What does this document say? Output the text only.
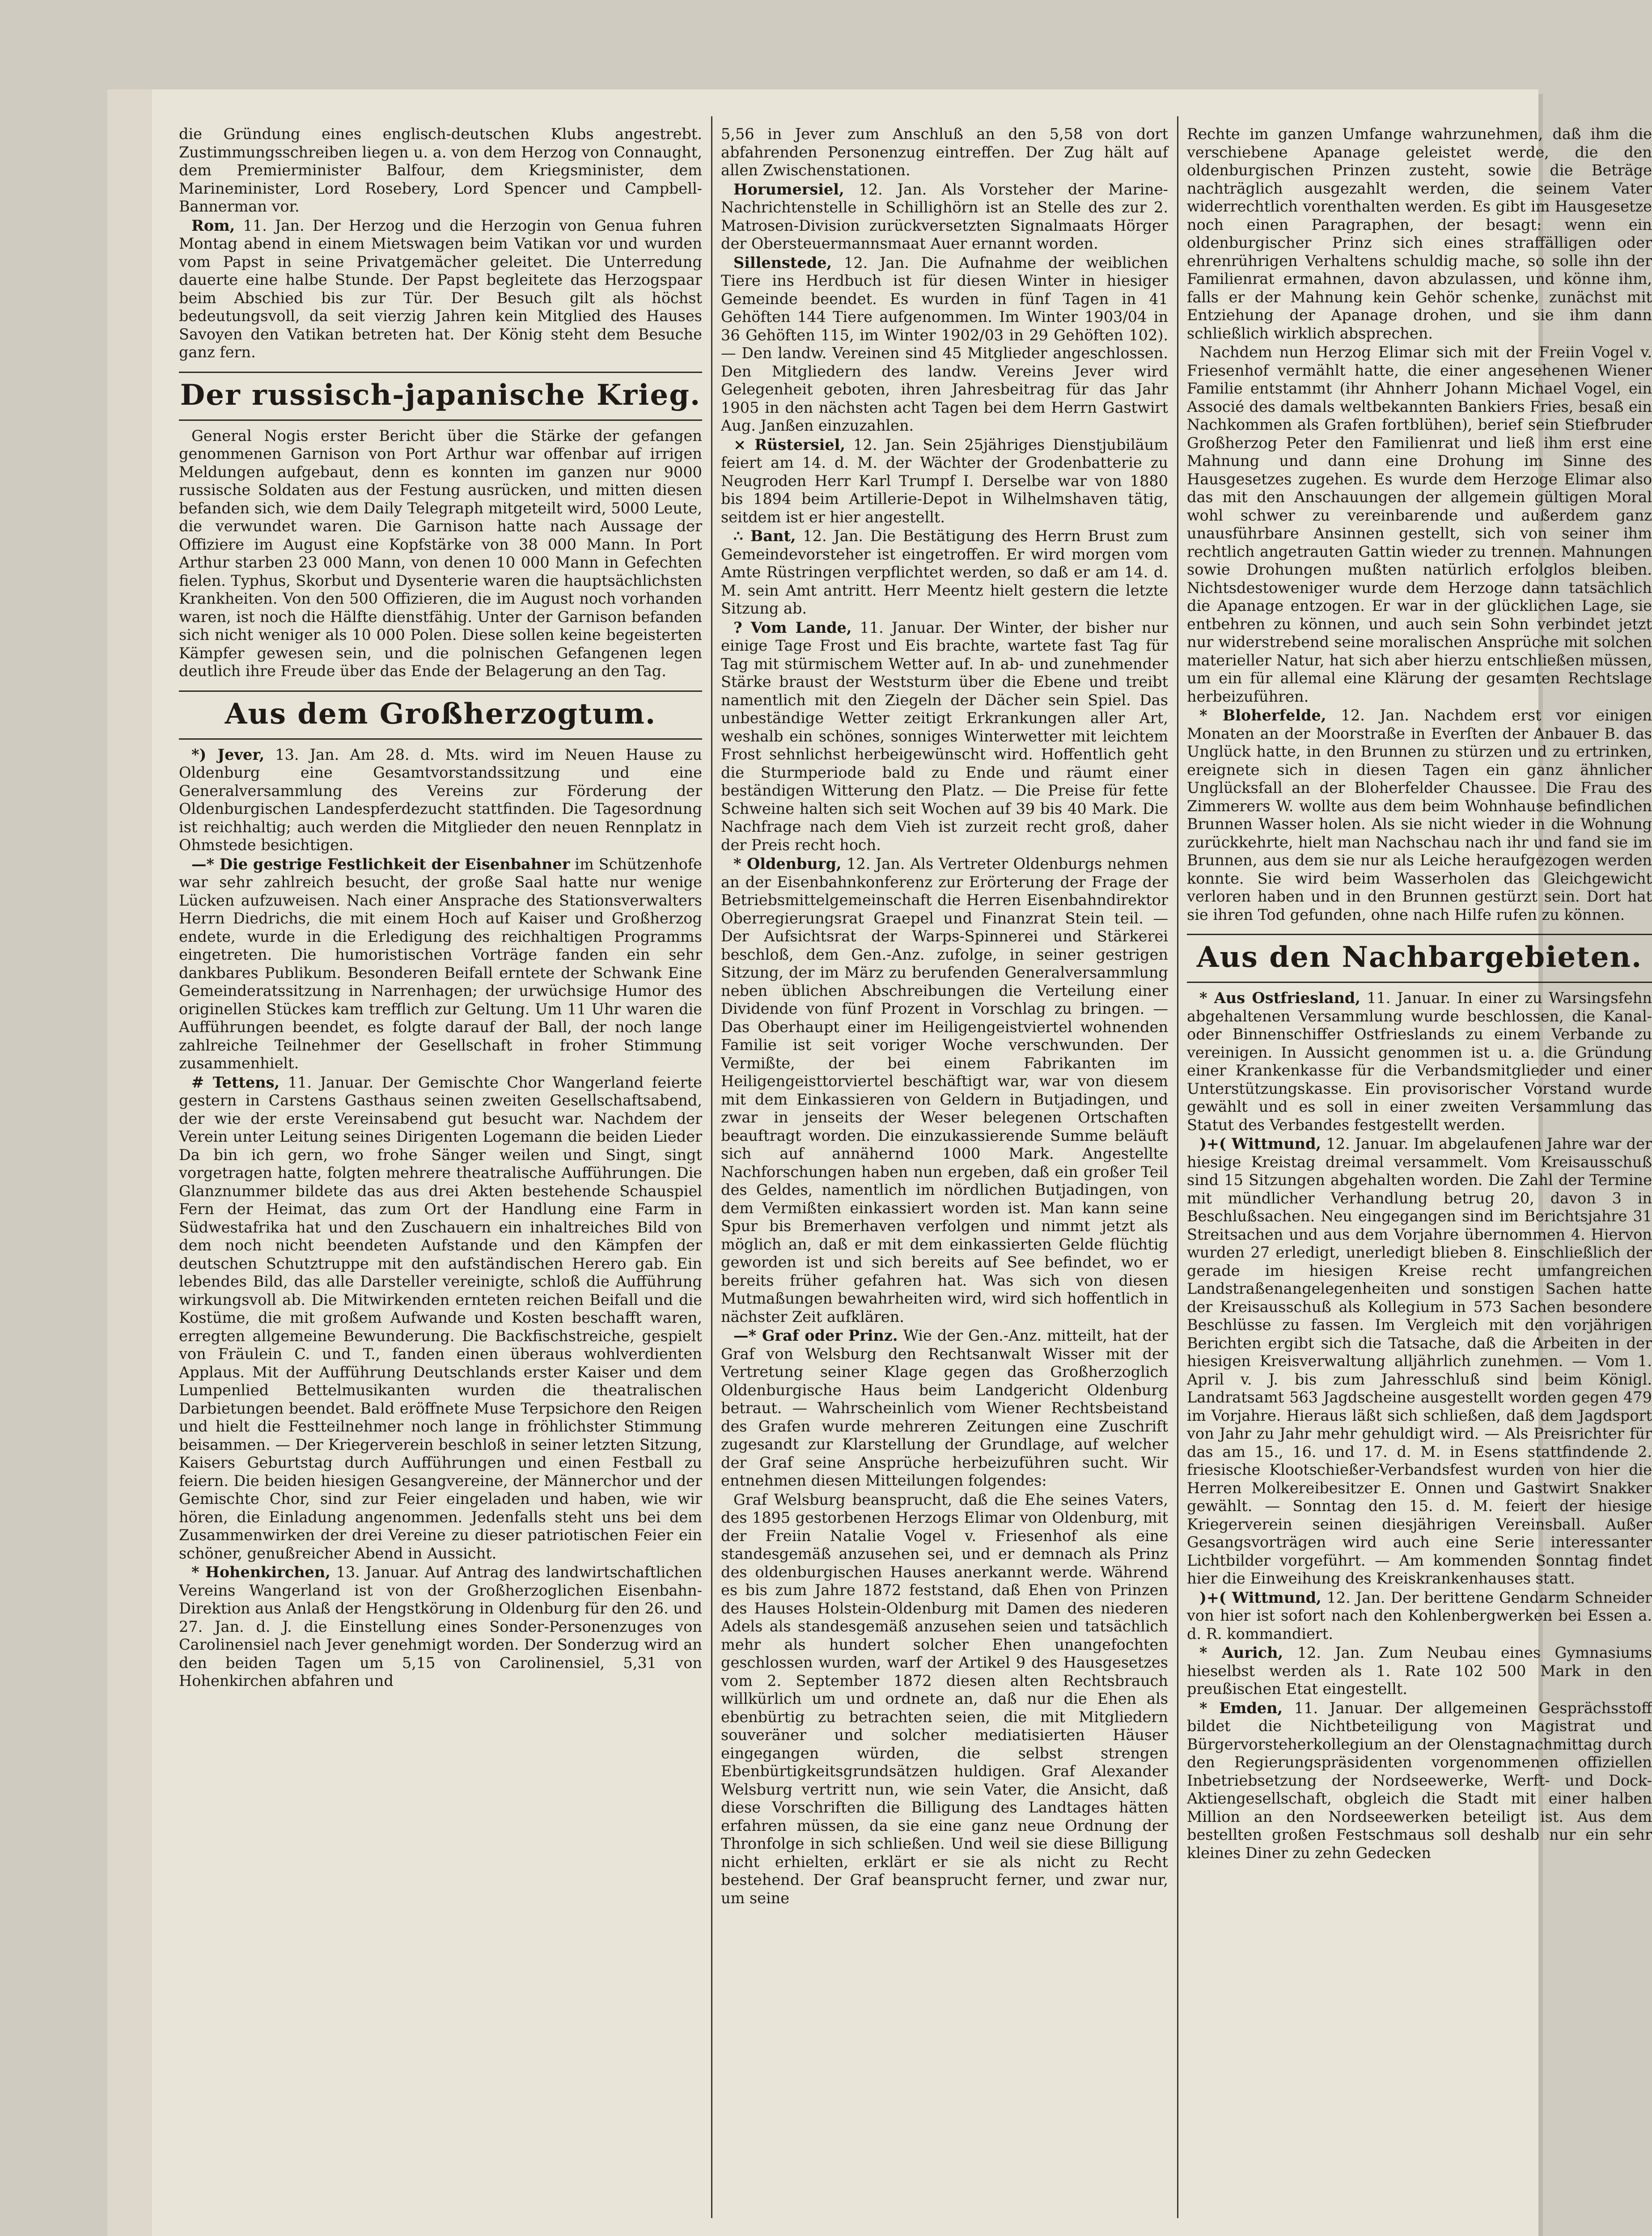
die Gründung eines englisch-deutschen Klubs angestrebt. Zustimmungsschreiben liegen u. a. von dem Herzog von Connaught, dem Premierminister Balfour, dem Kriegsminister, dem Marineminister, Lord Rosebery, Lord Spencer und Campbell-Bannerman vor.

Rom, 11. Jan. Der Herzog und die Herzogin von Genua fuhren Montag abend in einem Mietswagen beim Vatikan vor und wurden vom Papst in seine Privatgemächer geleitet. Die Unterredung dauerte eine halbe Stunde. Der Papst begleitete das Herzogspaar beim Abschied bis zur Tür. Der Besuch gilt als höchst bedeutungsvoll, da seit vierzig Jahren kein Mitglied des Hauses Savoyen den Vatikan betreten hat. Der König steht dem Besuche ganz fern.

Der russisch-japanische Krieg.

General Nogis erster Bericht über die Stärke der gefangen genommenen Garnison von Port Arthur war offenbar auf irrigen Meldungen aufgebaut, denn es konnten im ganzen nur 9000 russische Soldaten aus der Festung ausrücken, und mitten diesen befanden sich, wie dem Daily Telegraph mitgeteilt wird, 5000 Leute, die verwundet waren. Die Garnison hatte nach Aussage der Offiziere im August eine Kopfstärke von 38 000 Mann. In Port Arthur starben 23 000 Mann, von denen 10 000 Mann in Gefechten fielen. Typhus, Skorbut und Dysenterie waren die hauptsächlichsten Krankheiten. Von den 500 Offizieren, die im August noch vorhanden waren, ist noch die Hälfte dienstfähig. Unter der Garnison befanden sich nicht weniger als 10 000 Polen. Diese sollen keine begeisterten Kämpfer gewesen sein, und die polnischen Gefangenen legen deutlich ihre Freude über das Ende der Belagerung an den Tag.

Aus dem Großherzogtum.

*) Jever, 13. Jan. Am 28. d. Mts. wird im Neuen Hause zu Oldenburg eine Gesamtvorstandssitzung und eine Generalversammlung des Vereins zur Förderung der Oldenburgischen Landespferdezucht stattfinden. Die Tagesordnung ist reichhaltig; auch werden die Mitglieder den neuen Rennplatz in Ohmstede besichtigen.

—* Die gestrige Festlichkeit der Eisenbahner im Schützenhofe war sehr zahlreich besucht, der große Saal hatte nur wenige Lücken aufzuweisen. Nach einer Ansprache des Stationsverwalters Herrn Diedrichs, die mit einem Hoch auf Kaiser und Großherzog endete, wurde in die Erledigung des reichhaltigen Programms eingetreten. Die humoristischen Vorträge fanden ein sehr dankbares Publikum. Besonderen Beifall erntete der Schwank Eine Gemeinderatssitzung in Narrenhagen; der urwüchsige Humor des originellen Stückes kam trefflich zur Geltung. Um 11 Uhr waren die Aufführungen beendet, es folgte darauf der Ball, der noch lange zahlreiche Teilnehmer der Gesellschaft in froher Stimmung zusammenhielt.

# Tettens, 11. Januar. Der Gemischte Chor Wangerland feierte gestern in Carstens Gasthaus seinen zweiten Gesellschaftsabend, der wie der erste Vereinsabend gut besucht war. Nachdem der Verein unter Leitung seines Dirigenten Logemann die beiden Lieder Da bin ich gern, wo frohe Sänger weilen und Singt, singt vorgetragen hatte, folgten mehrere theatralische Aufführungen. Die Glanznummer bildete das aus drei Akten bestehende Schauspiel Fern der Heimat, das zum Ort der Handlung eine Farm in Südwestafrika hat und den Zuschauern ein inhaltreiches Bild von dem noch nicht beendeten Aufstande und den Kämpfen der deutschen Schutztruppe mit den aufständischen Herero gab. Ein lebendes Bild, das alle Darsteller vereinigte, schloß die Aufführung wirkungsvoll ab. Die Mitwirkenden ernteten reichen Beifall und die Kostüme, die mit großem Aufwande und Kosten beschafft waren, erregten allgemeine Bewunderung. Die Backfischstreiche, gespielt von Fräulein C. und T., fanden einen überaus wohlverdienten Applaus. Mit der Aufführung Deutschlands erster Kaiser und dem Lumpenlied Bettelmusikanten wurden die theatralischen Darbietungen beendet. Bald eröffnete Muse Terpsichore den Reigen und hielt die Festteilnehmer noch lange in fröhlichster Stimmung beisammen. — Der Kriegerverein beschloß in seiner letzten Sitzung, Kaisers Geburtstag durch Aufführungen und einen Festball zu feiern. Die beiden hiesigen Gesangvereine, der Männerchor und der Gemischte Chor, sind zur Feier eingeladen und haben, wie wir hören, die Einladung angenommen. Jedenfalls steht uns bei dem Zusammenwirken der drei Vereine zu dieser patriotischen Feier ein schöner, genußreicher Abend in Aussicht.

* Hohenkirchen, 13. Januar. Auf Antrag des landwirtschaftlichen Vereins Wangerland ist von der Großherzoglichen Eisenbahn-Direktion aus Anlaß der Hengstkörung in Oldenburg für den 26. und 27. Jan. d. J. die Einstellung eines Sonder-Personenzuges von Carolinensiel nach Jever genehmigt worden. Der Sonderzug wird an den beiden Tagen um 5,15 von Carolinensiel, 5,31 von Hohenkirchen abfahren und

5,56 in Jever zum Anschluß an den 5,58 von dort abfahrenden Personenzug eintreffen. Der Zug hält auf allen Zwischenstationen.

Horumersiel, 12. Jan. Als Vorsteher der Marine-Nachrichtenstelle in Schillighörn ist an Stelle des zur 2. Matrosen-Division zurückversetzten Signalmaats Hörger der Obersteuermannsmaat Auer ernannt worden.

Sillenstede, 12. Jan. Die Aufnahme der weiblichen Tiere ins Herdbuch ist für diesen Winter in hiesiger Gemeinde beendet. Es wurden in fünf Tagen in 41 Gehöften 144 Tiere aufgenommen. Im Winter 1903/04 in 36 Gehöften 115, im Winter 1902/03 in 29 Gehöften 102). — Den landw. Vereinen sind 45 Mitglieder angeschlossen. Den Mitgliedern des landw. Vereins Jever wird Gelegenheit geboten, ihren Jahresbeitrag für das Jahr 1905 in den nächsten acht Tagen bei dem Herrn Gastwirt Aug. Janßen einzuzahlen.

× Rüstersiel, 12. Jan. Sein 25jähriges Dienstjubiläum feiert am 14. d. M. der Wächter der Grodenbatterie zu Neugroden Herr Karl Trumpf I. Derselbe war von 1880 bis 1894 beim Artillerie-Depot in Wilhelmshaven tätig, seitdem ist er hier angestellt.

∴ Bant, 12. Jan. Die Bestätigung des Herrn Brust zum Gemeindevorsteher ist eingetroffen. Er wird morgen vom Amte Rüstringen verpflichtet werden, so daß er am 14. d. M. sein Amt antritt. Herr Meentz hielt gestern die letzte Sitzung ab.

? Vom Lande, 11. Januar. Der Winter, der bisher nur einige Tage Frost und Eis brachte, wartete fast Tag für Tag mit stürmischem Wetter auf. In ab- und zunehmender Stärke braust der Weststurm über die Ebene und treibt namentlich mit den Ziegeln der Dächer sein Spiel. Das unbeständige Wetter zeitigt Erkrankungen aller Art, weshalb ein schönes, sonniges Winterwetter mit leichtem Frost sehnlichst herbeigewünscht wird. Hoffentlich geht die Sturmperiode bald zu Ende und räumt einer beständigen Witterung den Platz. — Die Preise für fette Schweine halten sich seit Wochen auf 39 bis 40 Mark. Die Nachfrage nach dem Vieh ist zurzeit recht groß, daher der Preis recht hoch.

* Oldenburg, 12. Jan. Als Vertreter Oldenburgs nehmen an der Eisenbahnkonferenz zur Erörterung der Frage der Betriebsmittelgemeinschaft die Herren Eisenbahndirektor Oberregierungsrat Graepel und Finanzrat Stein teil. — Der Aufsichtsrat der Warps-Spinnerei und Stärkerei beschloß, dem Gen.-Anz. zufolge, in seiner gestrigen Sitzung, der im März zu berufenden Generalversammlung neben üblichen Abschreibungen die Verteilung einer Dividende von fünf Prozent in Vorschlag zu bringen. — Das Oberhaupt einer im Heiligengeistviertel wohnenden Familie ist seit voriger Woche verschwunden. Der Vermißte, der bei einem Fabrikanten im Heiligengeisttorviertel beschäftigt war, war von diesem mit dem Einkassieren von Geldern in Butjadingen, und zwar in jenseits der Weser belegenen Ortschaften beauftragt worden. Die einzukassierende Summe beläuft sich auf annähernd 1000 Mark. Angestellte Nachforschungen haben nun ergeben, daß ein großer Teil des Geldes, namentlich im nördlichen Butjadingen, von dem Vermißten einkassiert worden ist. Man kann seine Spur bis Bremerhaven verfolgen und nimmt jetzt als möglich an, daß er mit dem einkassierten Gelde flüchtig geworden ist und sich bereits auf See befindet, wo er bereits früher gefahren hat. Was sich von diesen Mutmaßungen bewahrheiten wird, wird sich hoffentlich in nächster Zeit aufklären.

—* Graf oder Prinz. Wie der Gen.-Anz. mitteilt, hat der Graf von Welsburg den Rechtsanwalt Wisser mit der Vertretung seiner Klage gegen das Großherzoglich Oldenburgische Haus beim Landgericht Oldenburg betraut. — Wahrscheinlich vom Wiener Rechtsbeistand des Grafen wurde mehreren Zeitungen eine Zuschrift zugesandt zur Klarstellung der Grundlage, auf welcher der Graf seine Ansprüche herbeizuführen sucht. Wir entnehmen diesen Mitteilungen folgendes:

Graf Welsburg beansprucht, daß die Ehe seines Vaters, des 1895 gestorbenen Herzogs Elimar von Oldenburg, mit der Freiin Natalie Vogel v. Friesenhof als eine standesgemäß anzusehen sei, und er demnach als Prinz des oldenburgischen Hauses anerkannt werde. Während es bis zum Jahre 1872 feststand, daß Ehen von Prinzen des Hauses Holstein-Oldenburg mit Damen des niederen Adels als standesgemäß anzusehen seien und tatsächlich mehr als hundert solcher Ehen unangefochten geschlossen wurden, warf der Artikel 9 des Hausgesetzes vom 2. September 1872 diesen alten Rechtsbrauch willkürlich um und ordnete an, daß nur die Ehen als ebenbürtig zu betrachten seien, die mit Mitgliedern souveräner und solcher mediatisierten Häuser eingegangen würden, die selbst strengen Ebenbürtigkeitsgrundsätzen huldigen. Graf Alexander Welsburg vertritt nun, wie sein Vater, die Ansicht, daß diese Vorschriften die Billigung des Landtages hätten erfahren müssen, da sie eine ganz neue Ordnung der Thronfolge in sich schließen. Und weil sie diese Billigung nicht erhielten, erklärt er sie als nicht zu Recht bestehend. Der Graf beansprucht ferner, und zwar nur, um seine

Rechte im ganzen Umfange wahrzunehmen, daß ihm die verschiebene Apanage geleistet werde, die den oldenburgischen Prinzen zusteht, sowie die Beträge nachträglich ausgezahlt werden, die seinem Vater widerrechtlich vorenthalten werden. Es gibt im Hausgesetze noch einen Paragraphen, der besagt: wenn ein oldenburgischer Prinz sich eines straffälligen oder ehrenrührigen Verhaltens schuldig mache, so solle ihn der Familienrat ermahnen, davon abzulassen, und könne ihm, falls er der Mahnung kein Gehör schenke, zunächst mit Entziehung der Apanage drohen, und sie ihm dann schließlich wirklich absprechen.

Nachdem nun Herzog Elimar sich mit der Freiin Vogel v. Friesenhof vermählt hatte, die einer angesehenen Wiener Familie entstammt (ihr Ahnherr Johann Michael Vogel, ein Associé des damals weltbekannten Bankiers Fries, besaß ein Nachkommen als Grafen fortblühen), berief sein Stiefbruder Großherzog Peter den Familienrat und ließ ihm erst eine Mahnung und dann eine Drohung im Sinne des Hausgesetzes zugehen. Es wurde dem Herzoge Elimar also das mit den Anschauungen der allgemein gültigen Moral wohl schwer zu vereinbarende und außerdem ganz unausführbare Ansinnen gestellt, sich von seiner ihm rechtlich angetrauten Gattin wieder zu trennen. Mahnungen sowie Drohungen mußten natürlich erfolglos bleiben. Nichtsdestoweniger wurde dem Herzoge dann tatsächlich die Apanage entzogen. Er war in der glücklichen Lage, sie entbehren zu können, und auch sein Sohn verbindet jetzt nur widerstrebend seine moralischen Ansprüche mit solchen materieller Natur, hat sich aber hierzu entschließen müssen, um ein für allemal eine Klärung der gesamten Rechtslage herbeizuführen.

* Bloherfelde, 12. Jan. Nachdem erst vor einigen Monaten an der Moorstraße in Everſten der Anbauer B. das Unglück hatte, in den Brunnen zu stürzen und zu ertrinken, ereignete sich in diesen Tagen ein ganz ähnlicher Unglücksfall an der Bloherfelder Chaussee. Die Frau des Zimmerers W. wollte aus dem beim Wohnhause befindlichen Brunnen Wasser holen. Als sie nicht wieder in die Wohnung zurückkehrte, hielt man Nachschau nach ihr und fand sie im Brunnen, aus dem sie nur als Leiche heraufgezogen werden konnte. Sie wird beim Wasserholen das Gleichgewicht verloren haben und in den Brunnen gestürzt sein. Dort hat sie ihren Tod gefunden, ohne nach Hilfe rufen zu können.

Aus den Nachbargebieten.

* Aus Ostfriesland, 11. Januar. In einer zu Warsingsfehn abgehaltenen Versammlung wurde beschlossen, die Kanal- oder Binnenschiffer Ostfrieslands zu einem Verbande zu vereinigen. In Aussicht genommen ist u. a. die Gründung einer Krankenkasse für die Verbandsmitglieder und einer Unterstützungskasse. Ein provisorischer Vorstand wurde gewählt und es soll in einer zweiten Versammlung das Statut des Verbandes festgestellt werden.

)+( Wittmund, 12. Januar. Im abgelaufenen Jahre war der hiesige Kreistag dreimal versammelt. Vom Kreisausschuß sind 15 Sitzungen abgehalten worden. Die Zahl der Termine mit mündlicher Verhandlung betrug 20, davon 3 in Beschlußsachen. Neu eingegangen sind im Berichtsjahre 31 Streitsachen und aus dem Vorjahre übernommen 4. Hiervon wurden 27 erledigt, unerledigt blieben 8. Einschließlich der gerade im hiesigen Kreise recht umfangreichen Landstraßenangelegenheiten und sonstigen Sachen hatte der Kreisausschuß als Kollegium in 573 Sachen besondere Beschlüsse zu fassen. Im Vergleich mit den vorjährigen Berichten ergibt sich die Tatsache, daß die Arbeiten in der hiesigen Kreisverwaltung alljährlich zunehmen. — Vom 1. April v. J. bis zum Jahresschluß sind beim Königl. Landratsamt 563 Jagdscheine ausgestellt worden gegen 479 im Vorjahre. Hieraus läßt sich schließen, daß dem Jagdsport von Jahr zu Jahr mehr gehuldigt wird. — Als Preisrichter für das am 15., 16. und 17. d. M. in Esens stattfindende 2. friesische Klootschießer-Verbandsfest wurden von hier die Herren Molkereibesitzer E. Onnen und Gastwirt Snakker gewählt. — Sonntag den 15. d. M. feiert der hiesige Kriegerverein seinen diesjährigen Vereinsball. Außer Gesangsvorträgen wird auch eine Serie interessanter Lichtbilder vorgeführt. — Am kommenden Sonntag findet hier die Einweihung des Kreiskrankenhauses statt.

)+( Wittmund, 12. Jan. Der berittene Gendarm Schneider von hier ist sofort nach den Kohlenbergwerken bei Essen a. d. R. kommandiert.

* Aurich, 12. Jan. Zum Neubau eines Gymnasiums hieselbst werden als 1. Rate 102 500 Mark in den preußischen Etat eingestellt.

* Emden, 11. Januar. Der allgemeinen Gesprächsstoff bildet die Nichtbeteiligung von Magistrat und Bürgervorsteherkollegium an der Olenstagnachmittag durch den Regierungspräsidenten vorgenommenen offiziellen Inbetriebsetzung der Nordseewerke, Werft- und Dock-Aktiengesellschaft, obgleich die Stadt mit einer halben Million an den Nordseewerken beteiligt ist. Aus dem bestellten großen Festschmaus soll deshalb nur ein sehr kleines Diner zu zehn Gedecken
